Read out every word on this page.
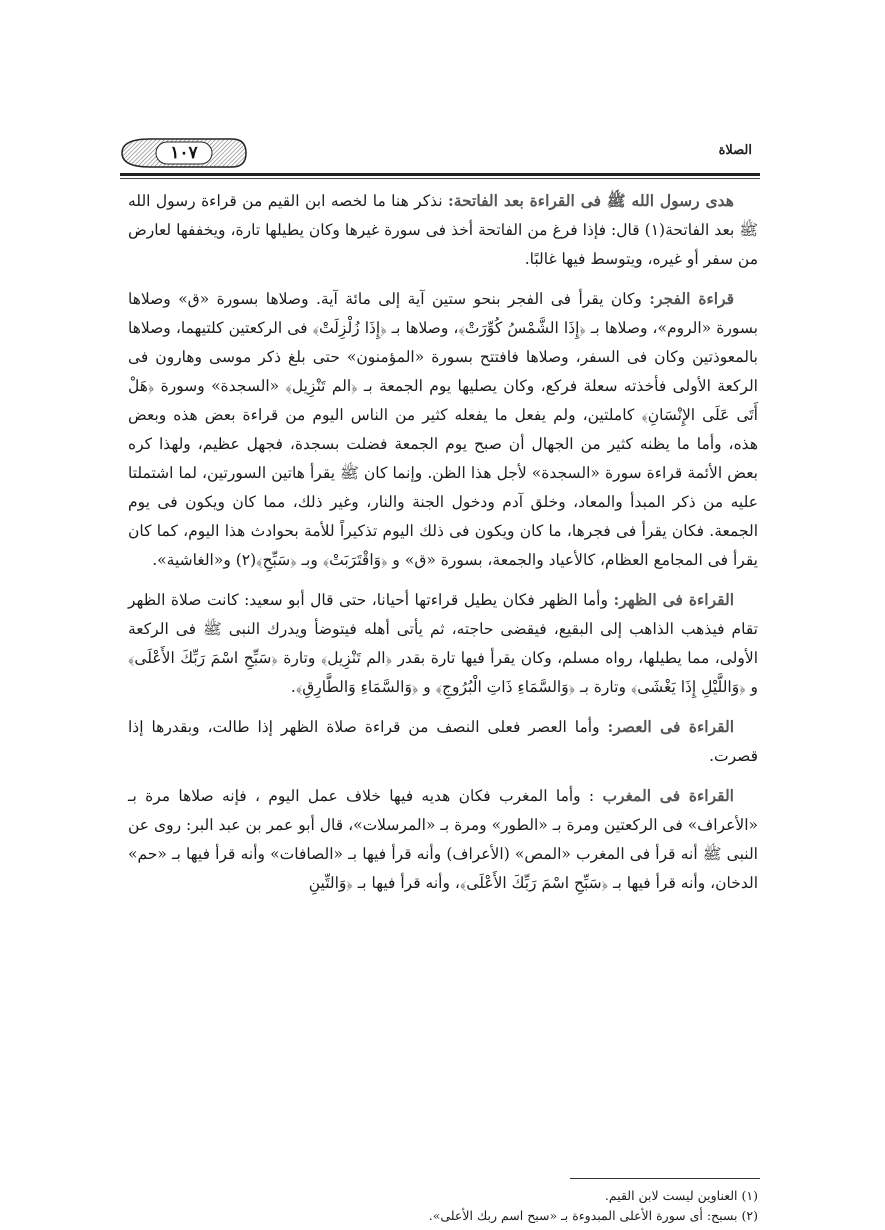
١٠٧	الصلاة

هدى رسول الله ﷺ فى القراءة بعد الفاتحة: نذكر هنا ما لخصه ابن القيم من قراءة رسول الله ﷺ بعد الفاتحة(١) قال: فإذا فرغ من الفاتحة أخذ فى سورة غيرها وكان يطيلها تارة، ويخففها لعارض من سفر أو غيره، ويتوسط فيها غالبًا.

قراءة الفجر: وكان يقرأ فى الفجر بنحو ستين آية إلى مائة آية. وصلاها بسورة «ق» وصلاها بسورة «الروم»، وصلاها بـ ﴿إِذَا الشَّمْسُ كُوِّرَتْ﴾، وصلاها بـ ﴿إِذَا زُلْزِلَتْ﴾ فى الركعتين كلتيهما، وصلاها بالمعوذتين وكان فى السفر، وصلاها فافتتح بسورة «المؤمنون» حتى بلغ ذكر موسى وهارون فى الركعة الأولى فأخذته سعلة فركع، وكان يصليها يوم الجمعة بـ ﴿الم تَنْزِيل﴾ «السجدة» وسورة ﴿هَلْ أَتَى عَلَى الإِنْسَانِ﴾ كاملتين، ولم يفعل ما يفعله كثير من الناس اليوم من قراءة بعض هذه وبعض هذه، وأما ما يظنه كثير من الجهال أن صبح يوم الجمعة فضلت بسجدة، فجهل عظيم، ولهذا كره بعض الأئمة قراءة سورة «السجدة» لأجل هذا الظن. وإنما كان ﷺ يقرأ هاتين السورتين، لما اشتملتا عليه من ذكر المبدأ والمعاد، وخلق آدم ودخول الجنة والنار، وغير ذلك، مما كان ويكون فى يوم الجمعة. فكان يقرأ فى فجرها، ما كان ويكون فى ذلك اليوم تذكيراً للأمة بحوادث هذا اليوم، كما كان يقرأ فى المجامع العظام، كالأعياد والجمعة، بسورة «ق» و ﴿وَاقْتَرَبَتْ﴾ وبـ ﴿سَبِّحِ﴾(٢) و«الغاشية».

القراءة فى الظهر: وأما الظهر فكان يطيل قراءتها أحيانا، حتى قال أبو سعيد: كانت صلاة الظهر تقام فيذهب الذاهب إلى البقيع، فيقضى حاجته، ثم يأتى أهله فيتوضأ ويدرك النبى ﷺ فى الركعة الأولى، مما يطيلها، رواه مسلم، وكان يقرأ فيها تارة بقدر ﴿الم تَنْزِيل﴾ وتارة ﴿سَبِّحِ اسْمَ رَبِّكَ الأَعْلَى﴾ و ﴿وَاللَّيْلِ إِذَا يَغْشَى﴾ وتارة بـ ﴿وَالسَّمَاءِ ذَاتِ الْبُرُوجِ﴾ و ﴿وَالسَّمَاءِ وَالطَّارِقِ﴾.

القراءة فى العصر: وأما العصر فعلى النصف من قراءة صلاة الظهر إذا طالت، وبقدرها إذا قصرت.

القراءة فى المغرب : وأما المغرب فكان هديه فيها خلاف عمل اليوم ، فإنه صلاها مرة بـ «الأعراف» فى الركعتين ومرة بـ «الطور» ومرة بـ «المرسلات»، قال أبو عمر بن عبد البر: روى عن النبى ﷺ أنه قرأ فى المغرب «المص» (الأعراف) وأنه قرأ فيها بـ «الصافات» وأنه قرأ فيها بـ «حم» الدخان، وأنه قرأ فيها بـ ﴿سَبِّحِ اسْمَ رَبِّكَ الأَعْلَى﴾، وأنه قرأ فيها بـ ﴿وَالتِّينِ

(١) العناوين ليست لابن القيم.

(٢) بسبح: أى سورة الأعلى المبدوءة بـ «سبح اسم ربك الأعلى».
